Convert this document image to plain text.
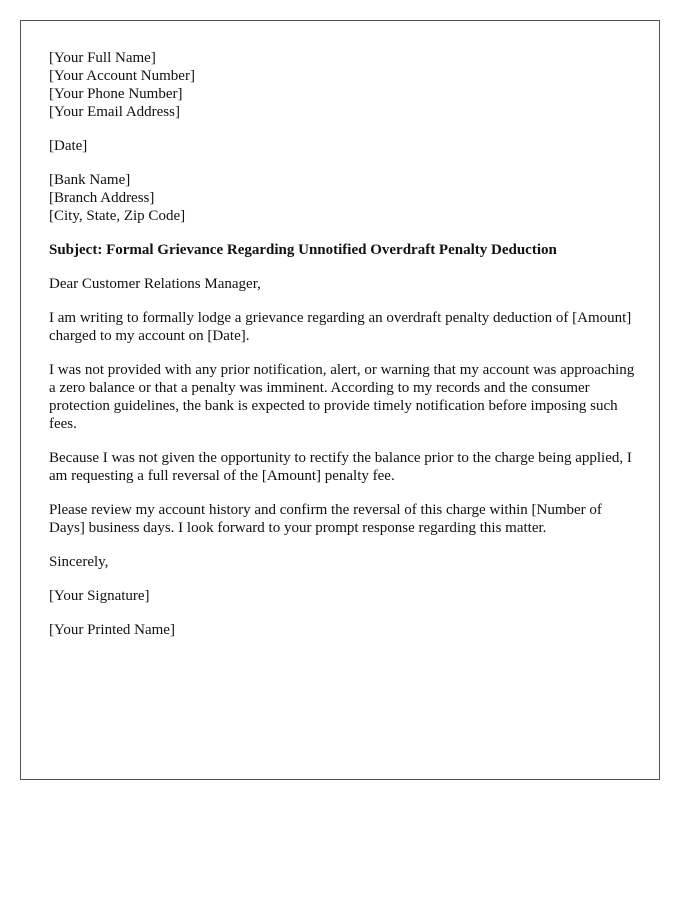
[Your Full Name]
[Your Account Number]
[Your Phone Number]
[Your Email Address]
[Date]
[Bank Name]
[Branch Address]
[City, State, Zip Code]

Subject: Formal Grievance Regarding Unnotified Overdraft Penalty Deduction

Dear Customer Relations Manager,

I am writing to formally lodge a grievance regarding an overdraft penalty deduction of [Amount] charged to my account on [Date].

I was not provided with any prior notification, alert, or warning that my account was approaching a zero balance or that a penalty was imminent. According to my records and the consumer protection guidelines, the bank is expected to provide timely notification before imposing such fees.

Because I was not given the opportunity to rectify the balance prior to the charge being applied, I am requesting a full reversal of the [Amount] penalty fee.

Please review my account history and confirm the reversal of this charge within [Number of Days] business days. I look forward to your prompt response regarding this matter.

Sincerely,

[Your Signature]

[Your Printed Name]
